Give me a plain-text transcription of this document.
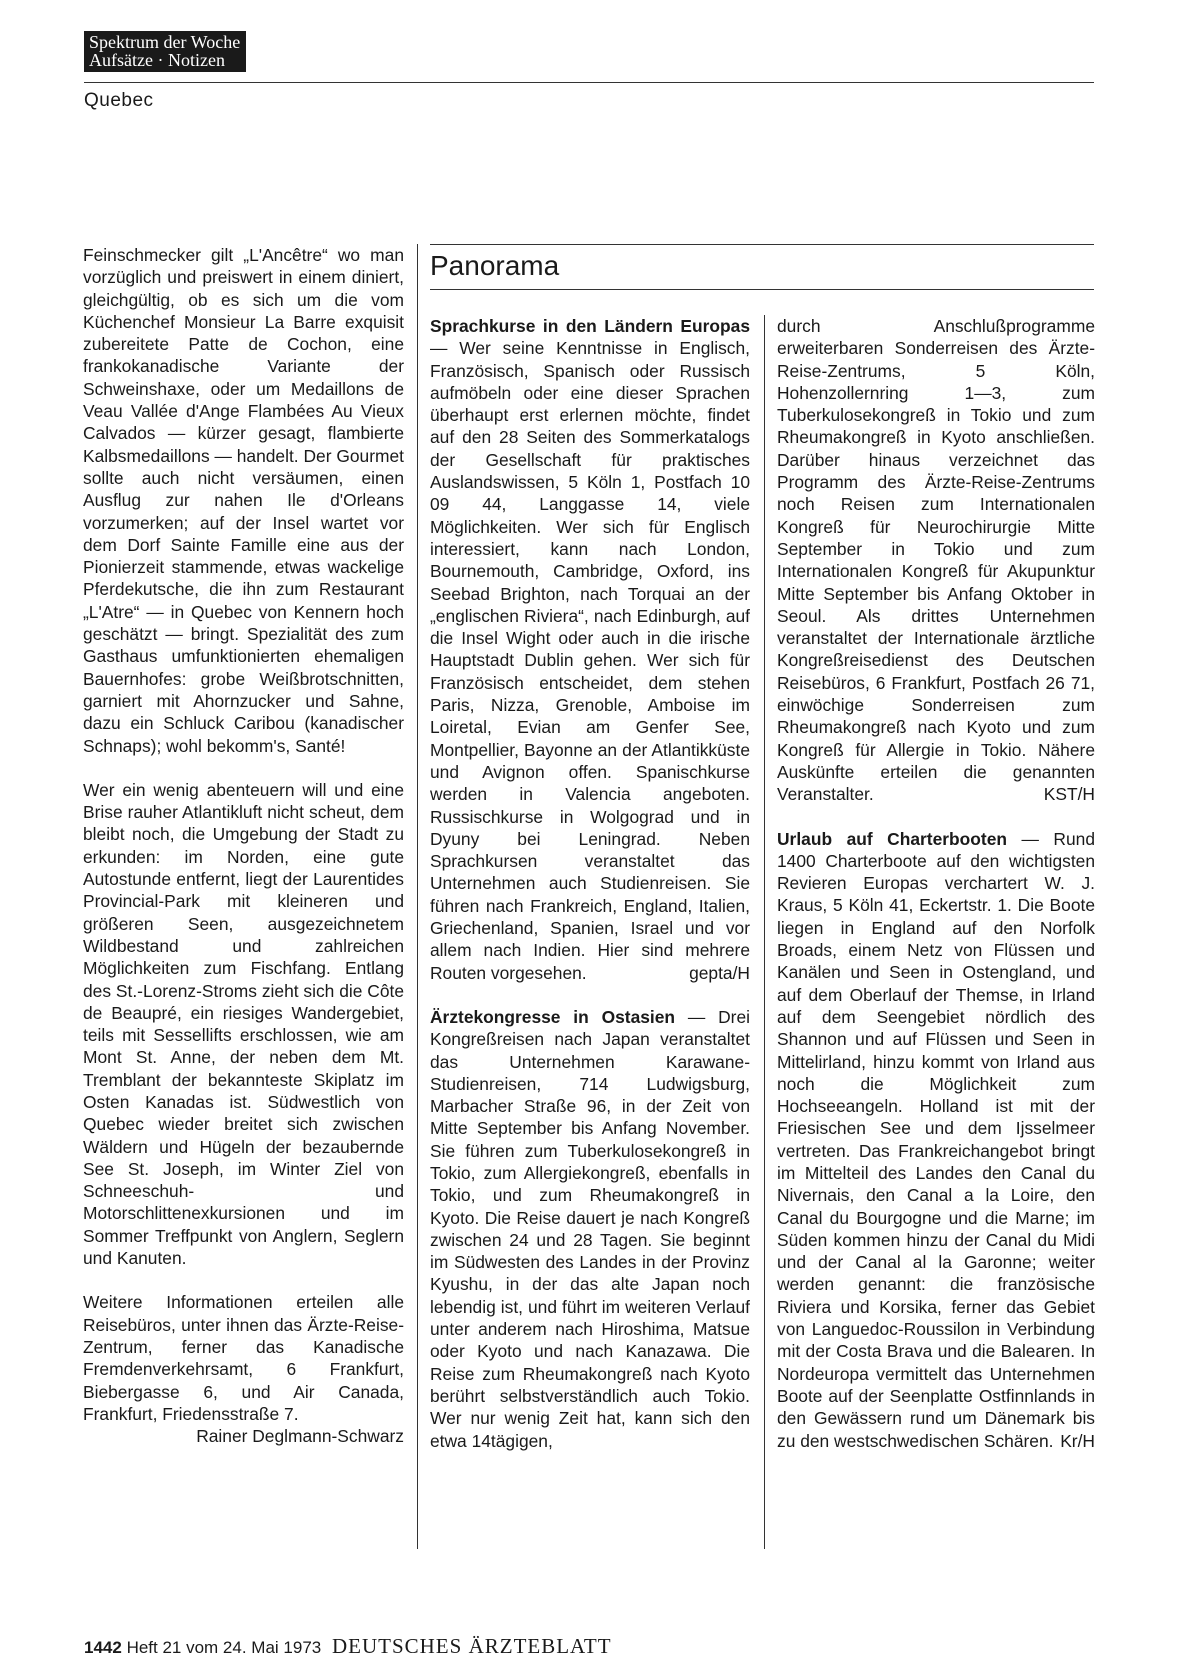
Spektrum der Woche
Aufsätze · Notizen
Quebec

Feinschmecker gilt „L'Ancêtre“ wo man vorzüglich und preiswert in einem diniert, gleichgültig, ob es sich um die vom Küchenchef Monsieur La Barre exquisit zubereitete Patte de Cochon, eine frankokanadische Variante der Schweinshaxe, oder um Medaillons de Veau Vallée d'Ange Flambées Au Vieux Calvados — kürzer gesagt, flambierte Kalbsmedaillons — handelt. Der Gourmet sollte auch nicht versäumen, einen Ausflug zur nahen Ile d'Orleans vorzumerken; auf der Insel wartet vor dem Dorf Sainte Famille eine aus der Pionierzeit stammende, etwas wackelige Pferdekutsche, die ihn zum Restaurant „L'Atre“ — in Quebec von Kennern hoch geschätzt — bringt. Spezialität des zum Gasthaus umfunktionierten ehemaligen Bauernhofes: grobe Weißbrotschnitten, garniert mit Ahornzucker und Sahne, dazu ein Schluck Caribou (kanadischer Schnaps); wohl bekomm's, Santé!

Wer ein wenig abenteuern will und eine Brise rauher Atlantikluft nicht scheut, dem bleibt noch, die Umgebung der Stadt zu erkunden: im Norden, eine gute Autostunde entfernt, liegt der Laurentides Provincial-Park mit kleineren und größeren Seen, ausgezeichnetem Wildbestand und zahlreichen Möglichkeiten zum Fischfang. Entlang des St.-Lorenz-Stroms zieht sich die Côte de Beaupré, ein riesiges Wandergebiet, teils mit Sessellifts erschlossen, wie am Mont St. Anne, der neben dem Mt. Tremblant der bekannteste Skiplatz im Osten Kanadas ist. Südwestlich von Quebec wieder breitet sich zwischen Wäldern und Hügeln der bezaubernde See St. Joseph, im Winter Ziel von Schneeschuh- und Motorschlittenexkursionen und im Sommer Treffpunkt von Anglern, Seglern und Kanuten.

Weitere Informationen erteilen alle Reisebüros, unter ihnen das Ärzte-Reise-Zentrum, ferner das Kanadische Fremdenverkehrsamt, 6 Frankfurt, Biebergasse 6, und Air Canada, Frankfurt, Friedensstraße 7.
Rainer Deglmann-Schwarz

Panorama

Sprachkurse in den Ländern Europas — Wer seine Kenntnisse in Englisch, Französisch, Spanisch oder Russisch aufmöbeln oder eine dieser Sprachen überhaupt erst erlernen möchte, findet auf den 28 Seiten des Sommerkatalogs der Gesellschaft für praktisches Auslandswissen, 5 Köln 1, Postfach 10 09 44, Langgasse 14, viele Möglichkeiten. Wer sich für Englisch interessiert, kann nach London, Bournemouth, Cambridge, Oxford, ins Seebad Brighton, nach Torquai an der „englischen Riviera“, nach Edinburgh, auf die Insel Wight oder auch in die irische Hauptstadt Dublin gehen. Wer sich für Französisch entscheidet, dem stehen Paris, Nizza, Grenoble, Amboise im Loiretal, Evian am Genfer See, Montpellier, Bayonne an der Atlantikküste und Avignon offen. Spanischkurse werden in Valencia angeboten. Russischkurse in Wolgograd und in Dyuny bei Leningrad. Neben Sprachkursen veranstaltet das Unternehmen auch Studienreisen. Sie führen nach Frankreich, England, Italien, Griechenland, Spanien, Israel und vor allem nach Indien. Hier sind mehrere Routen vorgesehen.	gepta/H

Ärztekongresse in Ostasien — Drei Kongreßreisen nach Japan veranstaltet das Unternehmen Karawane-Studienreisen, 714 Ludwigsburg, Marbacher Straße 96, in der Zeit von Mitte September bis Anfang November. Sie führen zum Tuberkulosekongreß in Tokio, zum Allergiekongreß, ebenfalls in Tokio, und zum Rheumakongreß in Kyoto. Die Reise dauert je nach Kongreß zwischen 24 und 28 Tagen. Sie beginnt im Südwesten des Landes in der Provinz Kyushu, in der das alte Japan noch lebendig ist, und führt im weiteren Verlauf unter anderem nach Hiroshima, Matsue oder Kyoto und nach Kanazawa. Die Reise zum Rheumakongreß nach Kyoto berührt selbstverständlich auch Tokio. Wer nur wenig Zeit hat, kann sich den etwa 14tägigen,

durch Anschlußprogramme erweiterbaren Sonderreisen des Ärzte-Reise-Zentrums, 5 Köln, Hohenzollernring 1—3, zum Tuberkulosekongreß in Tokio und zum Rheumakongreß in Kyoto anschließen. Darüber hinaus verzeichnet das Programm des Ärzte-Reise-Zentrums noch Reisen zum Internationalen Kongreß für Neurochirurgie Mitte September in Tokio und zum Internationalen Kongreß für Akupunktur Mitte September bis Anfang Oktober in Seoul. Als drittes Unternehmen veranstaltet der Internationale ärztliche Kongreßreisedienst des Deutschen Reisebüros, 6 Frankfurt, Postfach 26 71, einwöchige Sonderreisen zum Rheumakongreß nach Kyoto und zum Kongreß für Allergie in Tokio. Nähere Auskünfte erteilen die genannten Veranstalter.	KST/H

Urlaub auf Charterbooten — Rund 1400 Charterboote auf den wichtigsten Revieren Europas verchartert W. J. Kraus, 5 Köln 41, Eckertstr. 1. Die Boote liegen in England auf den Norfolk Broads, einem Netz von Flüssen und Kanälen und Seen in Ostengland, und auf dem Oberlauf der Themse, in Irland auf dem Seengebiet nördlich des Shannon und auf Flüssen und Seen in Mittelirland, hinzu kommt von Irland aus noch die Möglichkeit zum Hochseeangeln. Holland ist mit der Friesischen See und dem Ijsselmeer vertreten. Das Frankreichangebot bringt im Mittelteil des Landes den Canal du Nivernais, den Canal a la Loire, den Canal du Bourgogne und die Marne; im Süden kommen hinzu der Canal du Midi und der Canal al la Garonne; weiter werden genannt: die französische Riviera und Korsika, ferner das Gebiet von Languedoc-Roussilon in Verbindung mit der Costa Brava und die Balearen. In Nordeuropa vermittelt das Unternehmen Boote auf der Seenplatte Ostfinnlands in den Gewässern rund um Dänemark bis zu den westschwedischen Schären. Kr/H

1442 Heft 21 vom 24. Mai 1973 DEUTSCHES ÄRZTEBLATT
